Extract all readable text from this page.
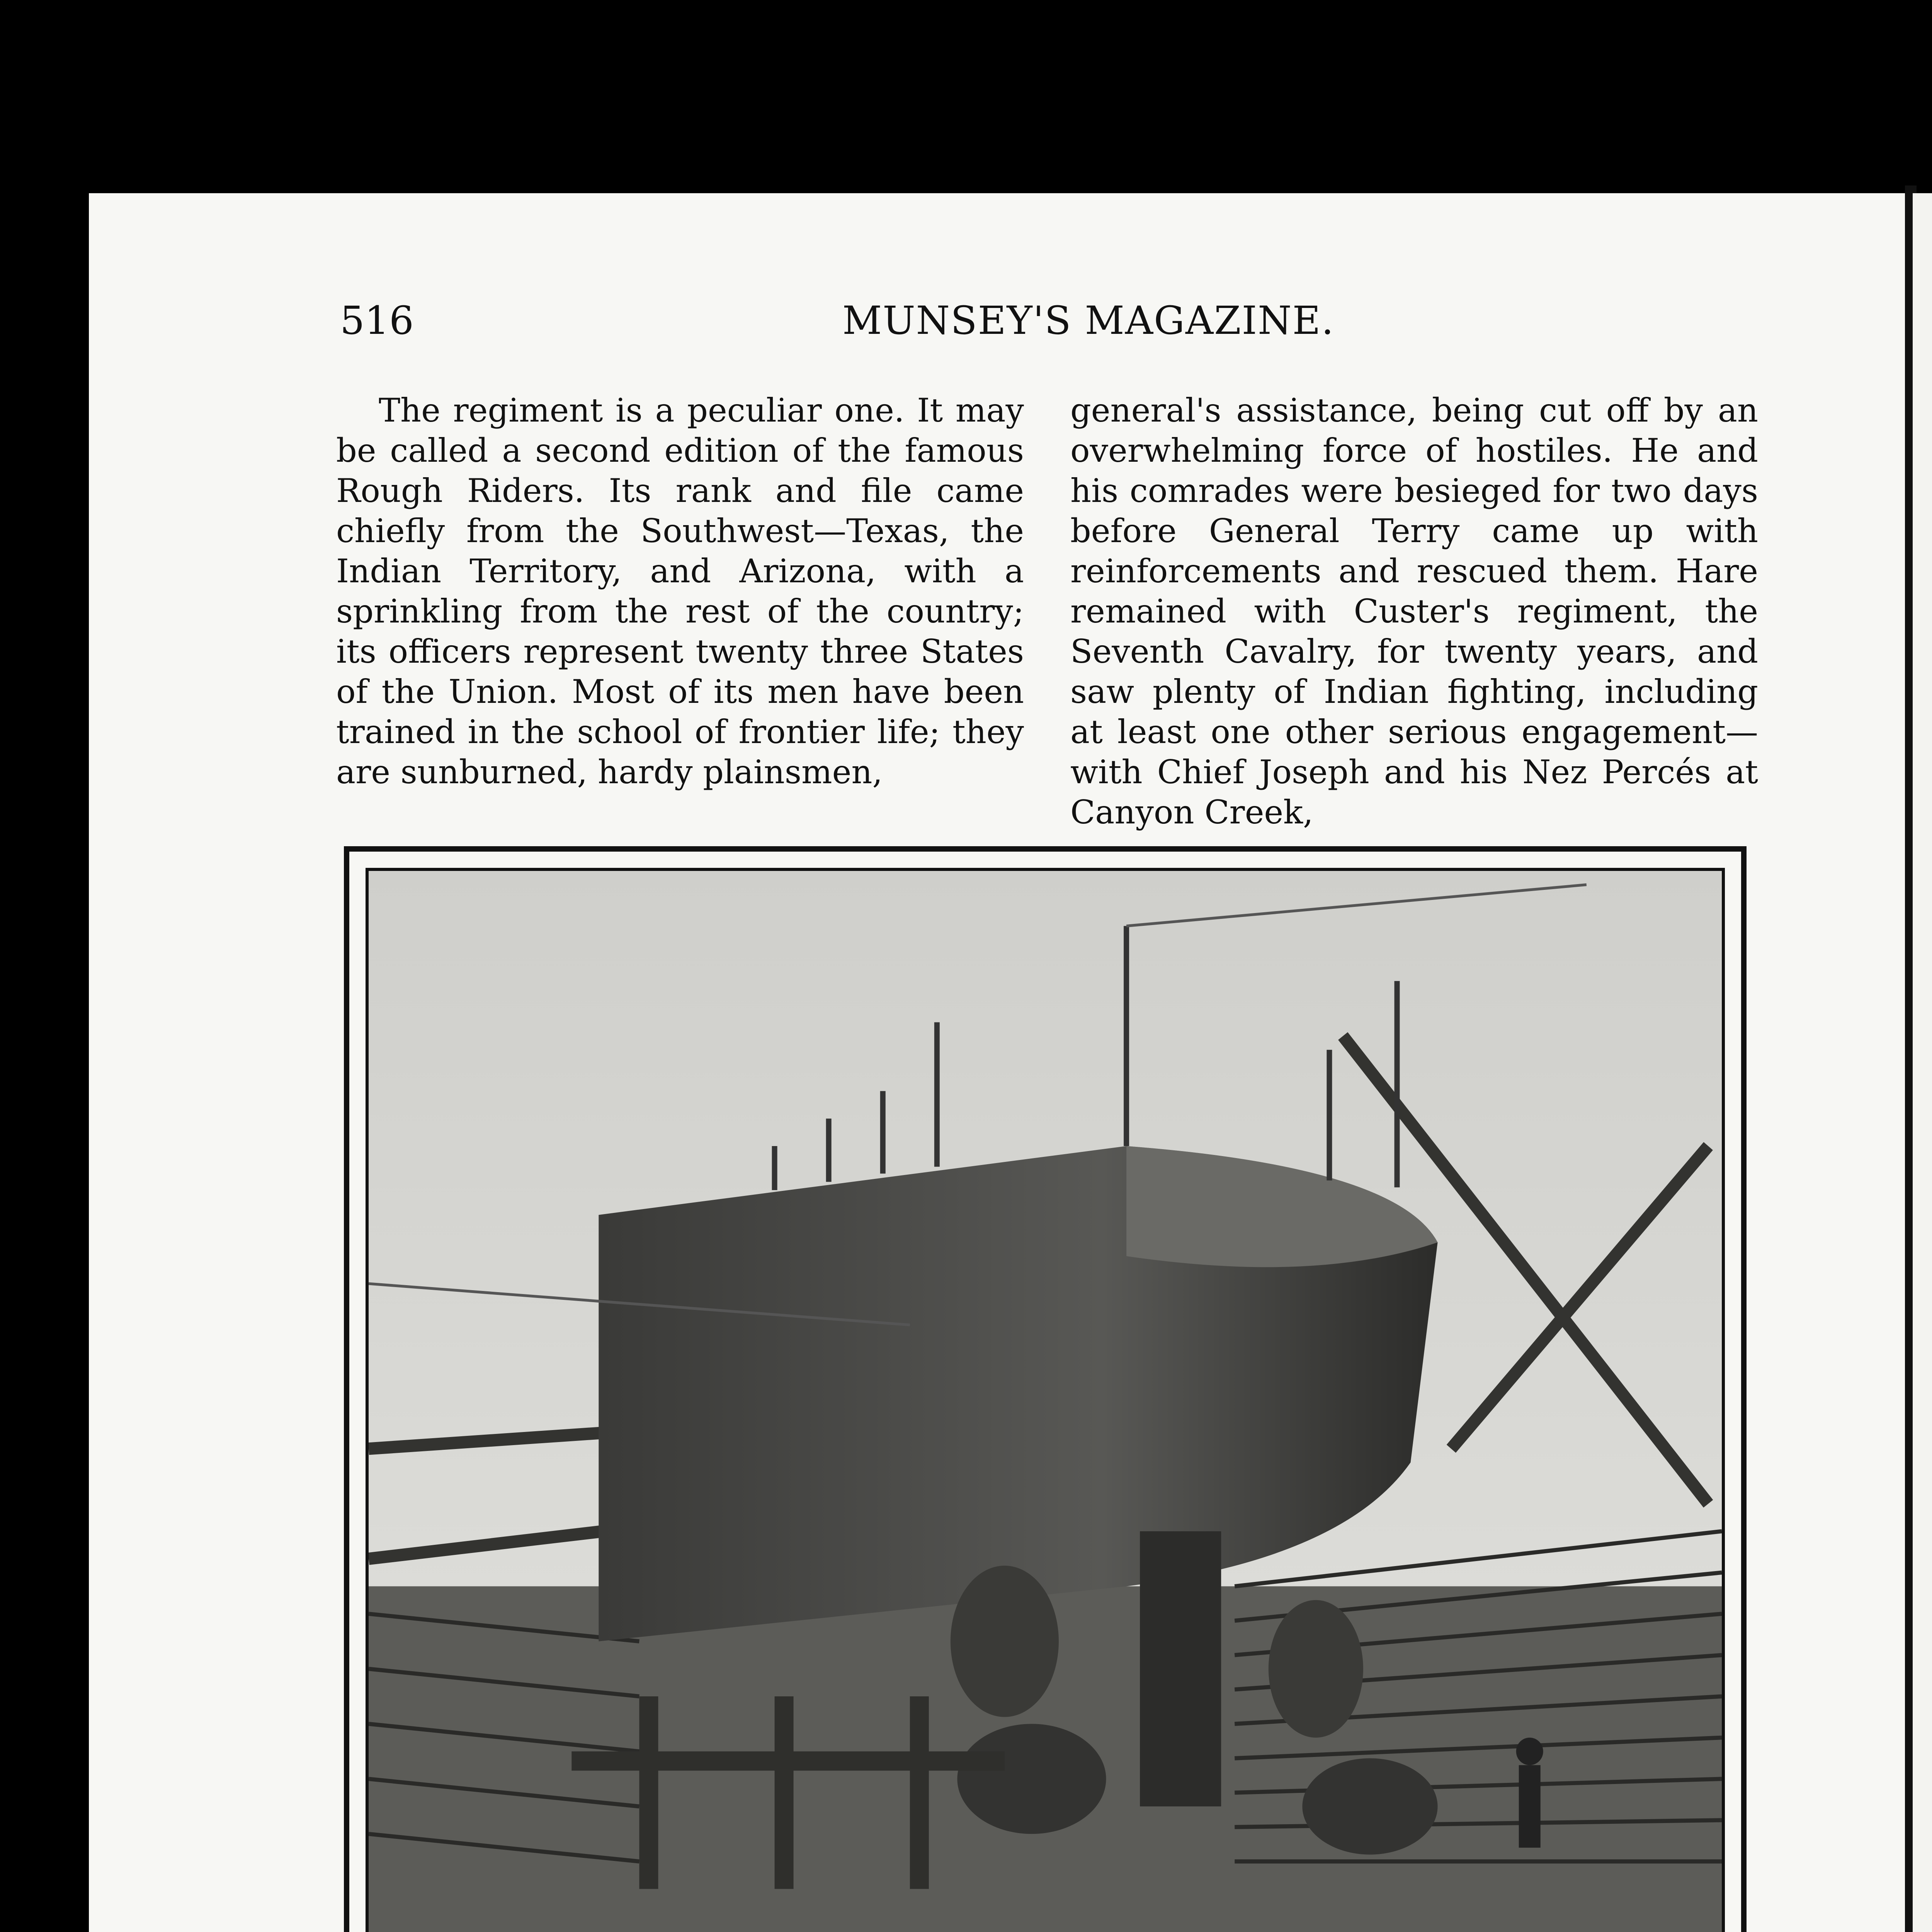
516	MUNSEY'S MAGAZINE.

The regiment is a peculiar one. It may be called a second edition of the famous Rough Riders. Its rank and file came chiefly from the Southwest—Texas, the Indian Territory, and Arizona, with a sprinkling from the rest of the country; its officers represent twenty three States of the Union. Most of its men have been trained in the school of frontier life; they are sunburned, hardy plainsmen,

general's assistance, being cut off by an overwhelming force of hostiles. He and his comrades were besieged for two days before General Terry came up with reinforcements and rescued them. Hare remained with Custer's regiment, the Seventh Cavalry, for twenty years, and saw plenty of Indian fighting, including at least one other serious engagement—with Chief Joseph and his Nez Percés at Canyon Creek,
